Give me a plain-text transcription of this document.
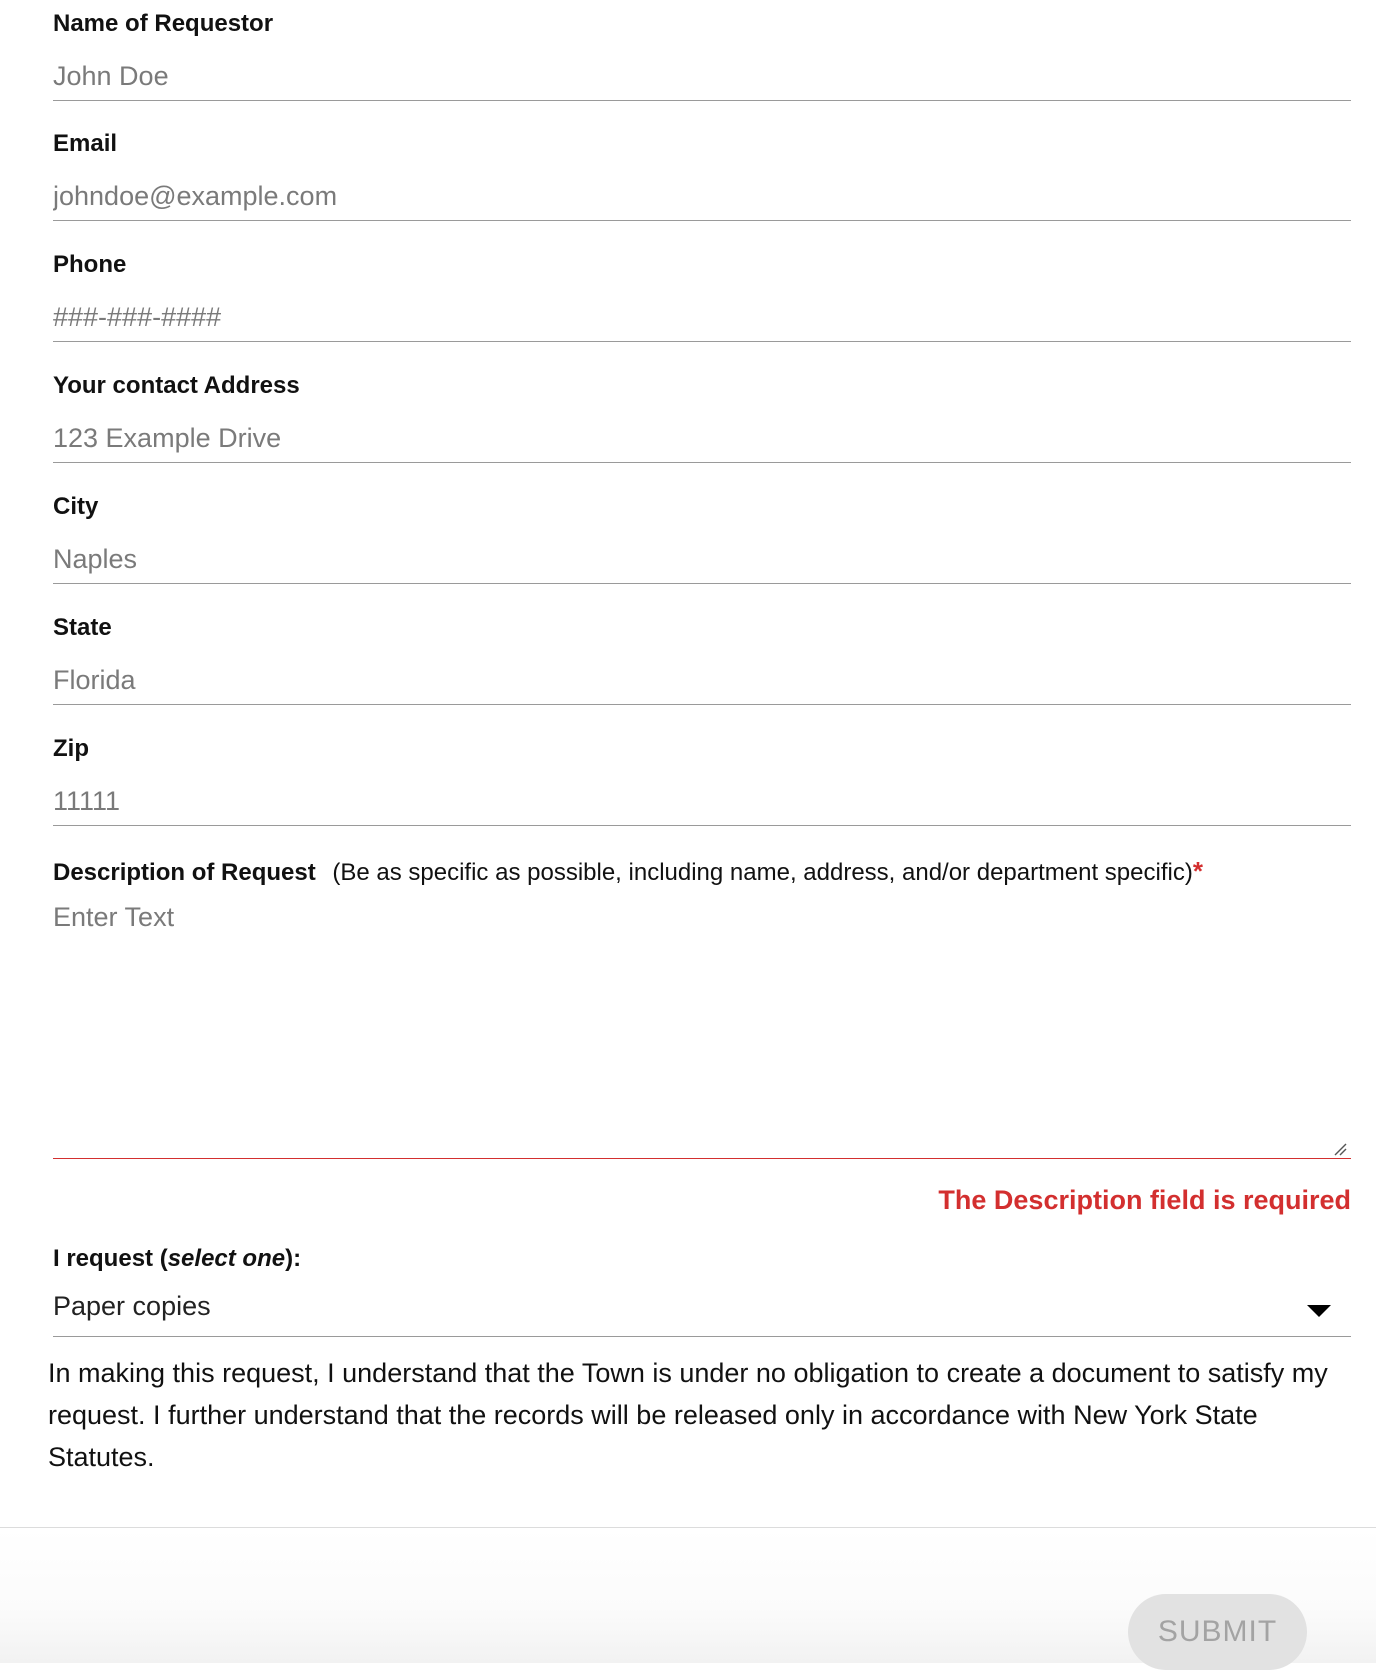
Name of Requestor
John Doe
Email
johndoe@example.com
Phone
###-###-####
Your contact Address
123 Example Drive
City
Naples
State
Florida
Zip
11111
Description of Request (Be as specific as possible, including name, address, and/or department specific)*
Enter Text
The Description field is required
I request (select one):
Paper copies
In making this request, I understand that the Town is under no obligation to create a document to satisfy my request. I further understand that the records will be released only in accordance with New York State Statutes.
SUBMIT
